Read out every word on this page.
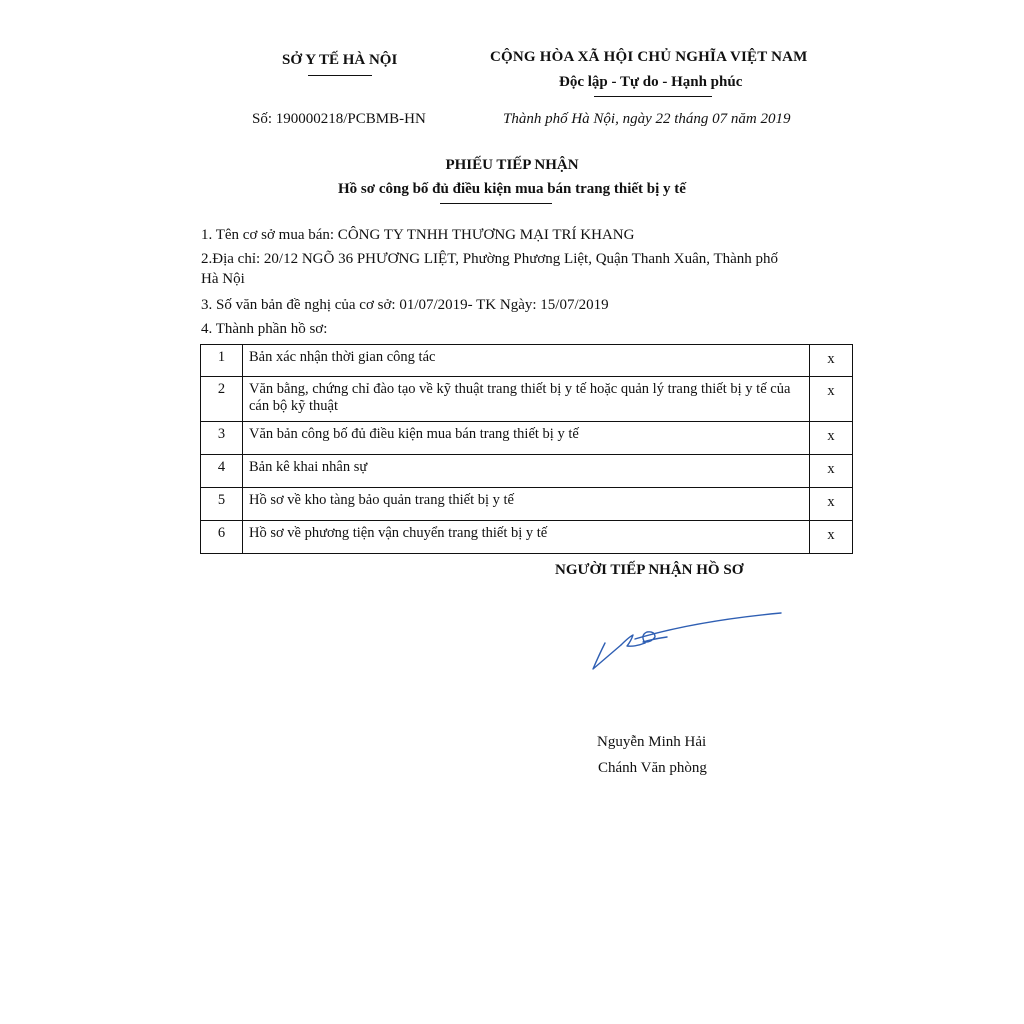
SỞ Y TẾ HÀ NỘI	CỘNG HÒA XÃ HỘI CHỦ NGHĨA VIỆT NAM
Độc lập - Tự do - Hạnh phúc
Số: 190000218/PCBMB-HN	Thành phố Hà Nội, ngày 22 tháng 07 năm 2019
PHIẾU TIẾP NHẬN
Hồ sơ công bố đủ điều kiện mua bán trang thiết bị y tế
1. Tên cơ sở mua bán: CÔNG TY TNHH THƯƠNG MẠI TRÍ KHANG
2.Địa chỉ: 20/12 NGÕ 36 PHƯƠNG LIỆT, Phường Phương Liệt, Quận Thanh Xuân, Thành phố
Hà Nội
3. Số văn bản đề nghị của cơ sở: 01/07/2019- TK Ngày: 15/07/2019
4. Thành phần hồ sơ:
1	Bản xác nhận thời gian công tác	x
2	Văn bằng, chứng chỉ đào tạo về kỹ thuật trang thiết bị y tế hoặc quản lý trang thiết bị y tế của cán bộ kỹ thuật	x
3	Văn bản công bố đủ điều kiện mua bán trang thiết bị y tế	x
4	Bản kê khai nhân sự	x
5	Hồ sơ về kho tàng bảo quản trang thiết bị y tế	x
6	Hồ sơ về phương tiện vận chuyển trang thiết bị y tế	x
NGƯỜI TIẾP NHẬN HỒ SƠ
Nguyễn Minh Hải
Chánh Văn phòng
